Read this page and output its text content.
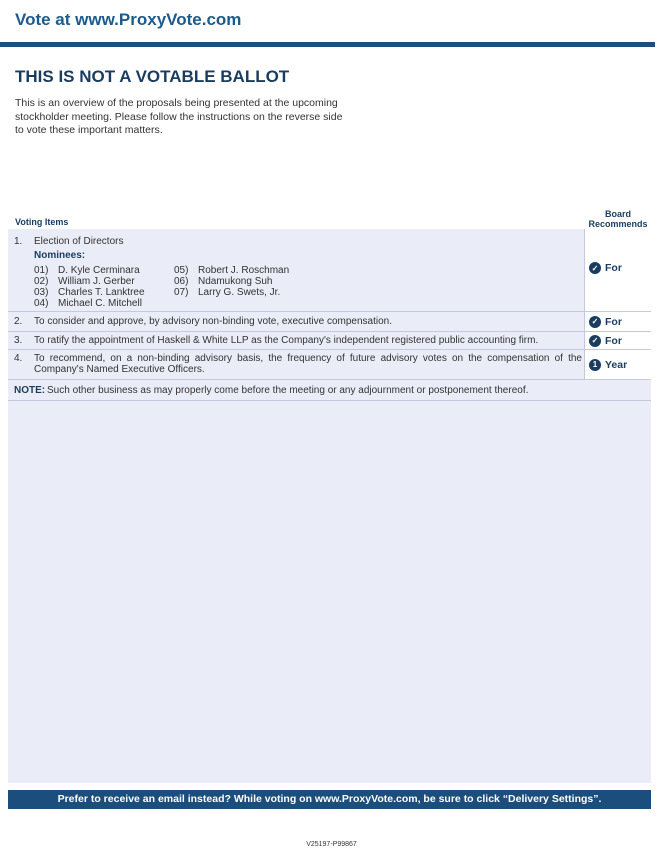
Vote at www.ProxyVote.com
THIS IS NOT A VOTABLE BALLOT
This is an overview of the proposals being presented at the upcoming stockholder meeting. Please follow the instructions on the reverse side to vote these important matters.
Voting Items
Board
Recommends
1. Election of Directors
Nominees:
01) D. Kyle Cerminara
02) William J. Gerber
03) Charles T. Lanktree
04) Michael C. Mitchell
05) Robert J. Roschman
06) Ndamukong Suh
07) Larry G. Swets, Jr.
✓ For
2. To consider and approve, by advisory non-binding vote, executive compensation.	✓ For
3. To ratify the appointment of Haskell & White LLP as the Company's independent registered public accounting firm.	✓ For
4. To recommend, on a non-binding advisory basis, the frequency of future advisory votes on the compensation of the Company's Named Executive Officers.	1 Year
NOTE: Such other business as may properly come before the meeting or any adjournment or postponement thereof.
Prefer to receive an email instead? While voting on www.ProxyVote.com, be sure to click “Delivery Settings”.
V25197-P99867
